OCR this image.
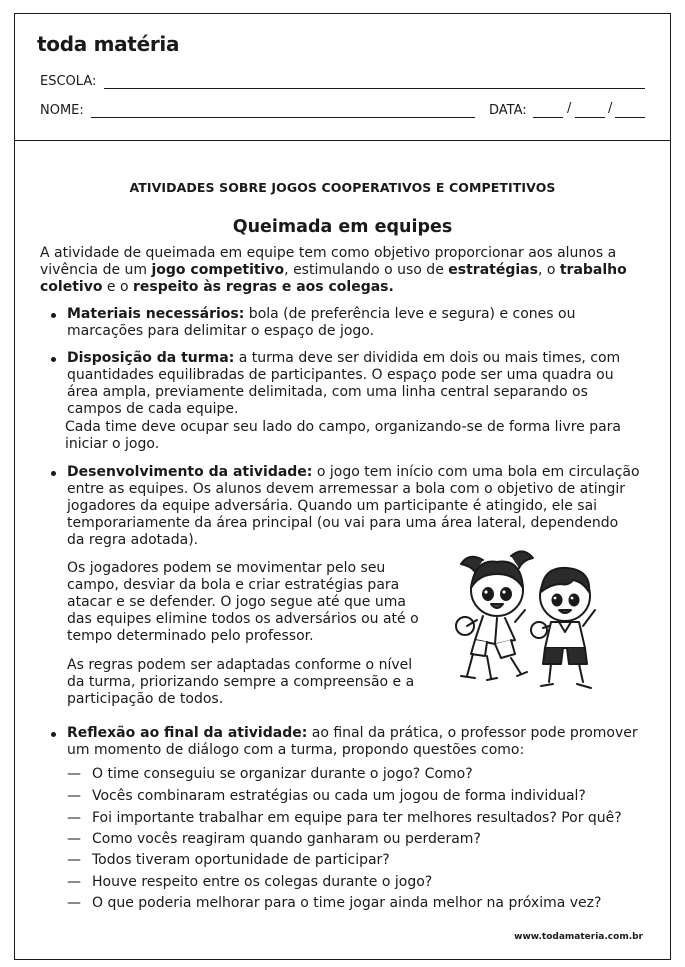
toda matéria
ESCOLA:
NOME:	DATA:	/	/
ATIVIDADES SOBRE JOGOS COOPERATIVOS E COMPETITIVOS
Queimada em equipes
A atividade de queimada em equipe tem como objetivo proporcionar aos alunos a vivência de um jogo competitivo, estimulando o uso de estratégias, o trabalho coletivo e o respeito às regras e aos colegas.
Materiais necessários: bola (de preferência leve e segura) e cones ou marcações para delimitar o espaço de jogo.
Disposição da turma: a turma deve ser dividida em dois ou mais times, com quantidades equilibradas de participantes. O espaço pode ser uma quadra ou área ampla, previamente delimitada, com uma linha central separando os campos de cada equipe.
Cada time deve ocupar seu lado do campo, organizando-se de forma livre para iniciar o jogo.
Desenvolvimento da atividade: o jogo tem início com uma bola em circulação entre as equipes. Os alunos devem arremessar a bola com o objetivo de atingir jogadores da equipe adversária. Quando um participante é atingido, ele sai temporariamente da área principal (ou vai para uma área lateral, dependendo da regra adotada).
Os jogadores podem se movimentar pelo seu campo, desviar da bola e criar estratégias para atacar e se defender. O jogo segue até que uma das equipes elimine todos os adversários ou até o tempo determinado pelo professor.
As regras podem ser adaptadas conforme o nível da turma, priorizando sempre a compreensão e a participação de todos.
Reflexão ao final da atividade: ao final da prática, o professor pode promover um momento de diálogo com a turma, propondo questões como:
— O time conseguiu se organizar durante o jogo? Como?
— Vocês combinaram estratégias ou cada um jogou de forma individual?
— Foi importante trabalhar em equipe para ter melhores resultados? Por quê?
— Como vocês reagiram quando ganharam ou perderam?
— Todos tiveram oportunidade de participar?
— Houve respeito entre os colegas durante o jogo?
— O que poderia melhorar para o time jogar ainda melhor na próxima vez?
www.todamateria.com.br
